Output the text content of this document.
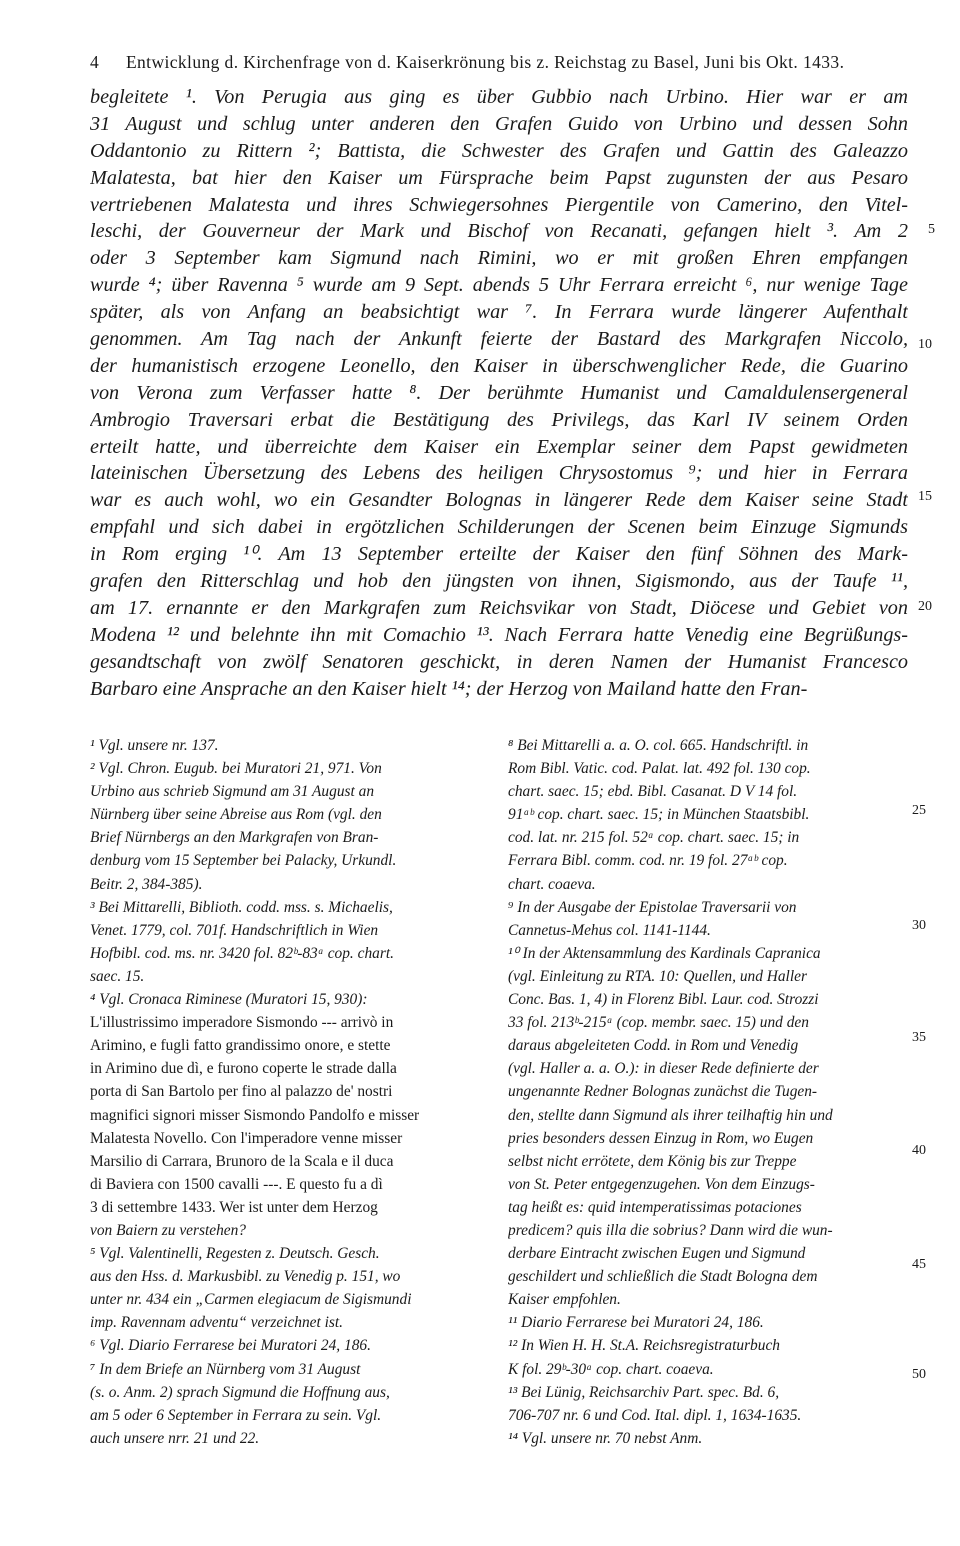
4 Entwicklung d. Kirchenfrage von d. Kaiserkrönung bis z. Reichstag zu Basel, Juni bis Okt. 1433.

begleitete ¹. Von Perugia aus ging es über Gubbio nach Urbino. Hier war er am

31 August und schlug unter anderen den Grafen Guido von Urbino und dessen Sohn

Oddantonio zu Rittern ²; Battista, die Schwester des Grafen und Gattin des Galeazzo

Malatesta, bat hier den Kaiser um Fürsprache beim Papst zugunsten der aus Pesaro

vertriebenen Malatesta und ihres Schwiegersohnes Piergentile von Camerino, den Vitel-

leschi, der Gouverneur der Mark und Bischof von Recanati, gefangen hielt ³. Am 2

oder 3 September kam Sigmund nach Rimini, wo er mit großen Ehren empfangen

wurde ⁴; über Ravenna ⁵ wurde am 9 Sept. abends 5 Uhr Ferrara erreicht ⁶, nur wenige Tage

später, als von Anfang an beabsichtigt war ⁷. In Ferrara wurde längerer Aufenthalt

genommen. Am Tag nach der Ankunft feierte der Bastard des Markgrafen Niccolo,

der humanistisch erzogene Leonello, den Kaiser in überschwenglicher Rede, die Guarino

von Verona zum Verfasser hatte ⁸. Der berühmte Humanist und Camaldulensergeneral

Ambrogio Traversari erbat die Bestätigung des Privilegs, das Karl IV seinem Orden

erteilt hatte, und überreichte dem Kaiser ein Exemplar seiner dem Papst gewidmeten

lateinischen Übersetzung des Lebens des heiligen Chrysostomus ⁹; und hier in Ferrara

war es auch wohl, wo ein Gesandter Bolognas in längerer Rede dem Kaiser seine Stadt

empfahl und sich dabei in ergötzlichen Schilderungen der Scenen beim Einzuge Sigmunds

in Rom erging ¹⁰. Am 13 September erteilte der Kaiser den fünf Söhnen des Mark-

grafen den Ritterschlag und hob den jüngsten von ihnen, Sigismondo, aus der Taufe ¹¹,

am 17. ernannte er den Markgrafen zum Reichsvikar von Stadt, Diöcese und Gebiet von

Modena ¹² und belehnte ihn mit Comachio ¹³. Nach Ferrara hatte Venedig eine Begrüßungs-

gesandtschaft von zwölf Senatoren geschickt, in deren Namen der Humanist Francesco

Barbaro eine Ansprache an den Kaiser hielt ¹⁴; der Herzog von Mailand hatte den Fran-

5
10
15
20
25
30
35
40
45
50

¹ Vgl. unsere nr. 137.

² Vgl. Chron. Eugub. bei Muratori 21, 971. Von

Urbino aus schrieb Sigmund am 31 August an

Nürnberg über seine Abreise aus Rom (vgl. den

Brief Nürnbergs an den Markgrafen von Bran-

denburg vom 15 September bei Palacky, Urkundl.

Beitr. 2, 384-385).

³ Bei Mittarelli, Biblioth. codd. mss. s. Michaelis,

Venet. 1779, col. 701f. Handschriftlich in Wien

Hofbibl. cod. ms. nr. 3420 fol. 82ᵇ-83ᵃ cop. chart.

saec. 15.

⁴ Vgl. Cronaca Riminese (Muratori 15, 930):

L'illustrissimo imperadore Sismondo --- arrivò in

Arimino, e fugli fatto grandissimo onore, e stette

in Arimino due dì, e furono coperte le strade dalla

porta di San Bartolo per fino al palazzo de' nostri

magnifici signori misser Sismondo Pandolfo e misser

Malatesta Novello. Con l'imperadore venne misser

Marsilio di Carrara, Brunoro de la Scala e il duca

di Baviera con 1500 cavalli ---. E questo fu a dì

3 di settembre 1433. Wer ist unter dem Herzog

von Baiern zu verstehen?

⁵ Vgl. Valentinelli, Regesten z. Deutsch. Gesch.

aus den Hss. d. Markusbibl. zu Venedig p. 151, wo

unter nr. 434 ein „Carmen elegiacum de Sigismundi

imp. Ravennam adventu“ verzeichnet ist.

⁶ Vgl. Diario Ferrarese bei Muratori 24, 186.

⁷ In dem Briefe an Nürnberg vom 31 August

(s. o. Anm. 2) sprach Sigmund die Hoffnung aus,

am 5 oder 6 September in Ferrara zu sein. Vgl.

auch unsere nrr. 21 und 22.

⁸ Bei Mittarelli a. a. O. col. 665. Handschriftl. in

Rom Bibl. Vatic. cod. Palat. lat. 492 fol. 130 cop.

chart. saec. 15; ebd. Bibl. Casanat. D V 14 fol.

91ᵃᵇ cop. chart. saec. 15; in München Staatsbibl.

cod. lat. nr. 215 fol. 52ᵃ cop. chart. saec. 15; in

Ferrara Bibl. comm. cod. nr. 19 fol. 27ᵃᵇ cop.

chart. coaeva.

⁹ In der Ausgabe der Epistolae Traversarii von

Cannetus-Mehus col. 1141-1144.

¹⁰ In der Aktensammlung des Kardinals Capranica

(vgl. Einleitung zu RTA. 10: Quellen, und Haller

Conc. Bas. 1, 4) in Florenz Bibl. Laur. cod. Strozzi

33 fol. 213ᵇ-215ᵃ (cop. membr. saec. 15) und den

daraus abgeleiteten Codd. in Rom und Venedig

(vgl. Haller a. a. O.): in dieser Rede definierte der

ungenannte Redner Bolognas zunächst die Tugen-

den, stellte dann Sigmund als ihrer teilhaftig hin und

pries besonders dessen Einzug in Rom, wo Eugen

selbst nicht errötete, dem König bis zur Treppe

von St. Peter entgegenzugehen. Von dem Einzugs-

tag heißt es: quid intemperatissimas potaciones

predicem? quis illa die sobrius? Dann wird die wun-

derbare Eintracht zwischen Eugen und Sigmund

geschildert und schließlich die Stadt Bologna dem

Kaiser empfohlen.

¹¹ Diario Ferrarese bei Muratori 24, 186.

¹² In Wien H. H. St.A. Reichsregistraturbuch

K fol. 29ᵇ-30ᵃ cop. chart. coaeva.

¹³ Bei Lünig, Reichsarchiv Part. spec. Bd. 6,

706-707 nr. 6 und Cod. Ital. dipl. 1, 1634-1635.

¹⁴ Vgl. unsere nr. 70 nebst Anm.
